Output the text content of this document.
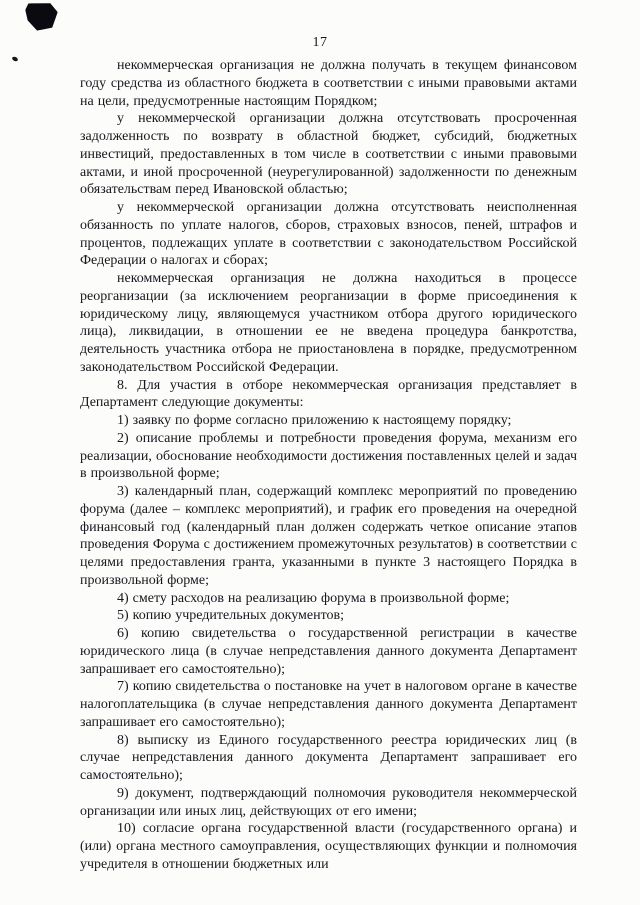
17

некоммерческая организация не должна получать в текущем финансовом году средства из областного бюджета в соответствии с иными правовыми актами на цели, предусмотренные настоящим Порядком;

у некоммерческой организации должна отсутствовать просроченная задолженность по возврату в областной бюджет, субсидий, бюджетных инвестиций, предоставленных в том числе в соответствии с иными правовыми актами, и иной просроченной (неурегулированной) задолженности по денежным обязательствам перед Ивановской областью;

у некоммерческой организации должна отсутствовать неисполненная обязанность по уплате налогов, сборов, страховых взносов, пеней, штрафов и процентов, подлежащих уплате в соответствии с законодательством Российской Федерации о налогах и сборах;

некоммерческая организация не должна находиться в процессе реорганизации (за исключением реорганизации в форме присоединения к юридическому лицу, являющемуся участником отбора другого юридического лица), ликвидации, в отношении ее не введена процедура банкротства, деятельность участника отбора не приостановлена в порядке, предусмотренном законодательством Российской Федерации.

8. Для участия в отборе некоммерческая организация представляет в Департамент следующие документы:

1) заявку по форме согласно приложению к настоящему порядку;

2) описание проблемы и потребности проведения форума, механизм его реализации, обоснование необходимости достижения поставленных целей и задач в произвольной форме;

3) календарный план, содержащий комплекс мероприятий по проведению форума (далее – комплекс мероприятий), и график его проведения на очередной финансовый год (календарный план должен содержать четкое описание этапов проведения Форума с достижением промежуточных результатов) в соответствии с целями предоставления гранта, указанными в пункте 3 настоящего Порядка в произвольной форме;

4) смету расходов на реализацию форума в произвольной форме;

5) копию учредительных документов;

6) копию свидетельства о государственной регистрации в качестве юридического лица (в случае непредставления данного документа Департамент запрашивает его самостоятельно);

7) копию свидетельства о постановке на учет в налоговом органе в качестве налогоплательщика (в случае непредставления данного документа Департамент запрашивает его самостоятельно);

8) выписку из Единого государственного реестра юридических лиц (в случае непредставления данного документа Департамент запрашивает его самостоятельно);

9) документ, подтверждающий полномочия руководителя некоммерческой организации или иных лиц, действующих от его имени;

10) согласие органа государственной власти (государственного органа) и (или) органа местного самоуправления, осуществляющих функции и полномочия учредителя в отношении бюджетных или
